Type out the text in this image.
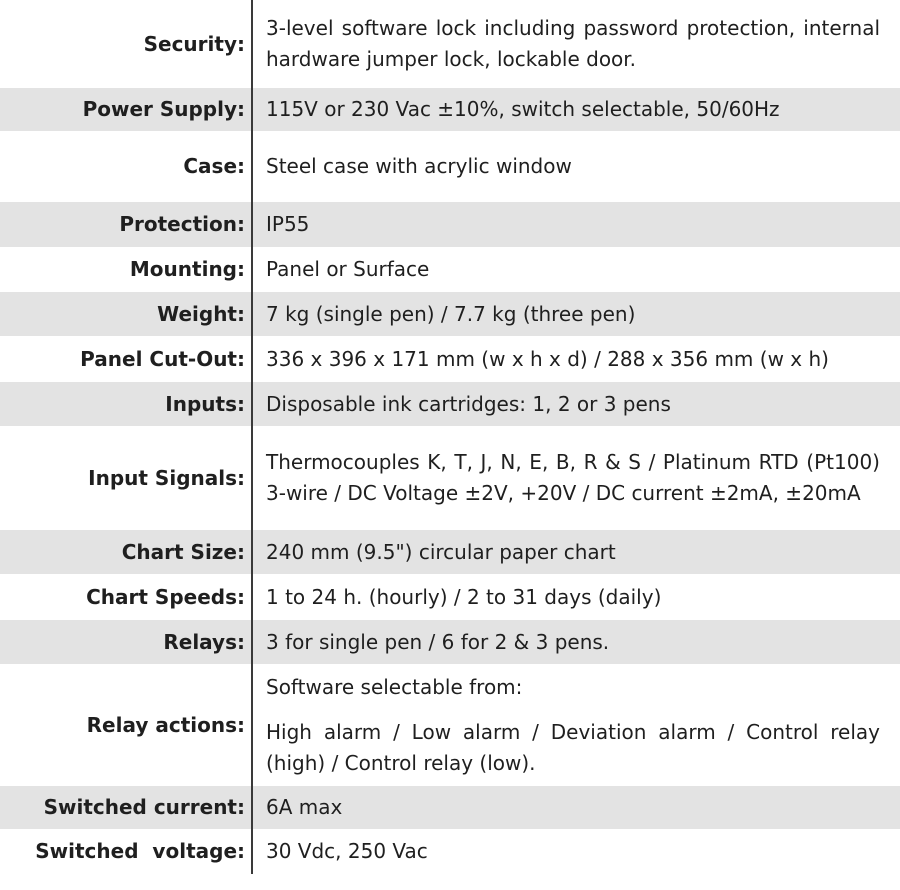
Security:	3-level software lock including password protection, internal hardware jumper lock, lockable door.
Power Supply:	115V or 230 Vac ±10%, switch selectable, 50/60Hz
Case:	Steel case with acrylic window
Protection:	IP55
Mounting:	Panel or Surface
Weight:	7 kg (single pen) / 7.7 kg (three pen)
Panel Cut-Out:	336 x 396 x 171 mm (w x h x d) / 288 x 356 mm (w x h)
Inputs:	Disposable ink cartridges: 1, 2 or 3 pens
Input Signals:	Thermocouples K, T, J, N, E, B, R & S / Platinum RTD (Pt100) 3-wire / DC Voltage ±2V, +20V / DC current ±2mA, ±20mA
Chart Size:	240 mm (9.5") circular paper chart
Chart Speeds:	1 to 24 h. (hourly) / 2 to 31 days (daily)
Relays:	3 for single pen / 6 for 2 & 3 pens.
Relay actions:	Software selectable from:
High alarm / Low alarm / Deviation alarm / Control relay (high) / Control relay (low).

Switched current:	6A max
Switched  voltage:	30 Vdc, 250 Vac
